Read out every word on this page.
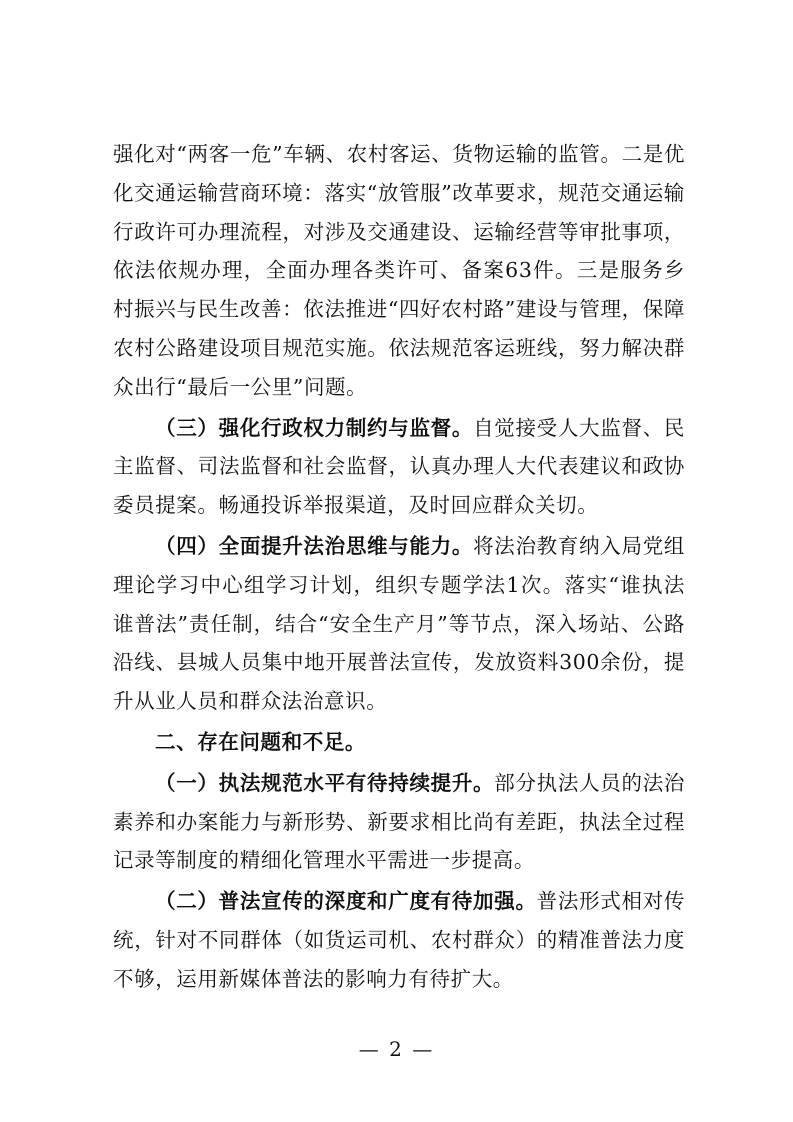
强化对“两客一危”车辆、农村客运、货物运输的监管。二是优化交通运输营商环境：落实“放管服”改革要求，规范交通运输行政许可办理流程，对涉及交通建设、运输经营等审批事项，依法依规办理，全面办理各类许可、备案63件。三是服务乡村振兴与民生改善：依法推进“四好农村路”建设与管理，保障农村公路建设项目规范实施。依法规范客运班线，努力解决群众出行“最后一公里”问题。

（三）强化行政权力制约与监督。自觉接受人大监督、民主监督、司法监督和社会监督，认真办理人大代表建议和政协委员提案。畅通投诉举报渠道，及时回应群众关切。

（四）全面提升法治思维与能力。将法治教育纳入局党组理论学习中心组学习计划，组织专题学法1次。落实“谁执法谁普法”责任制，结合“安全生产月”等节点，深入场站、公路沿线、县城人员集中地开展普法宣传，发放资料300余份，提升从业人员和群众法治意识。

二、存在问题和不足。

（一）执法规范水平有待持续提升。部分执法人员的法治素养和办案能力与新形势、新要求相比尚有差距，执法全过程记录等制度的精细化管理水平需进一步提高。

（二）普法宣传的深度和广度有待加强。普法形式相对传统，针对不同群体（如货运司机、农村群众）的精准普法力度不够，运用新媒体普法的影响力有待扩大。

— 2 —
